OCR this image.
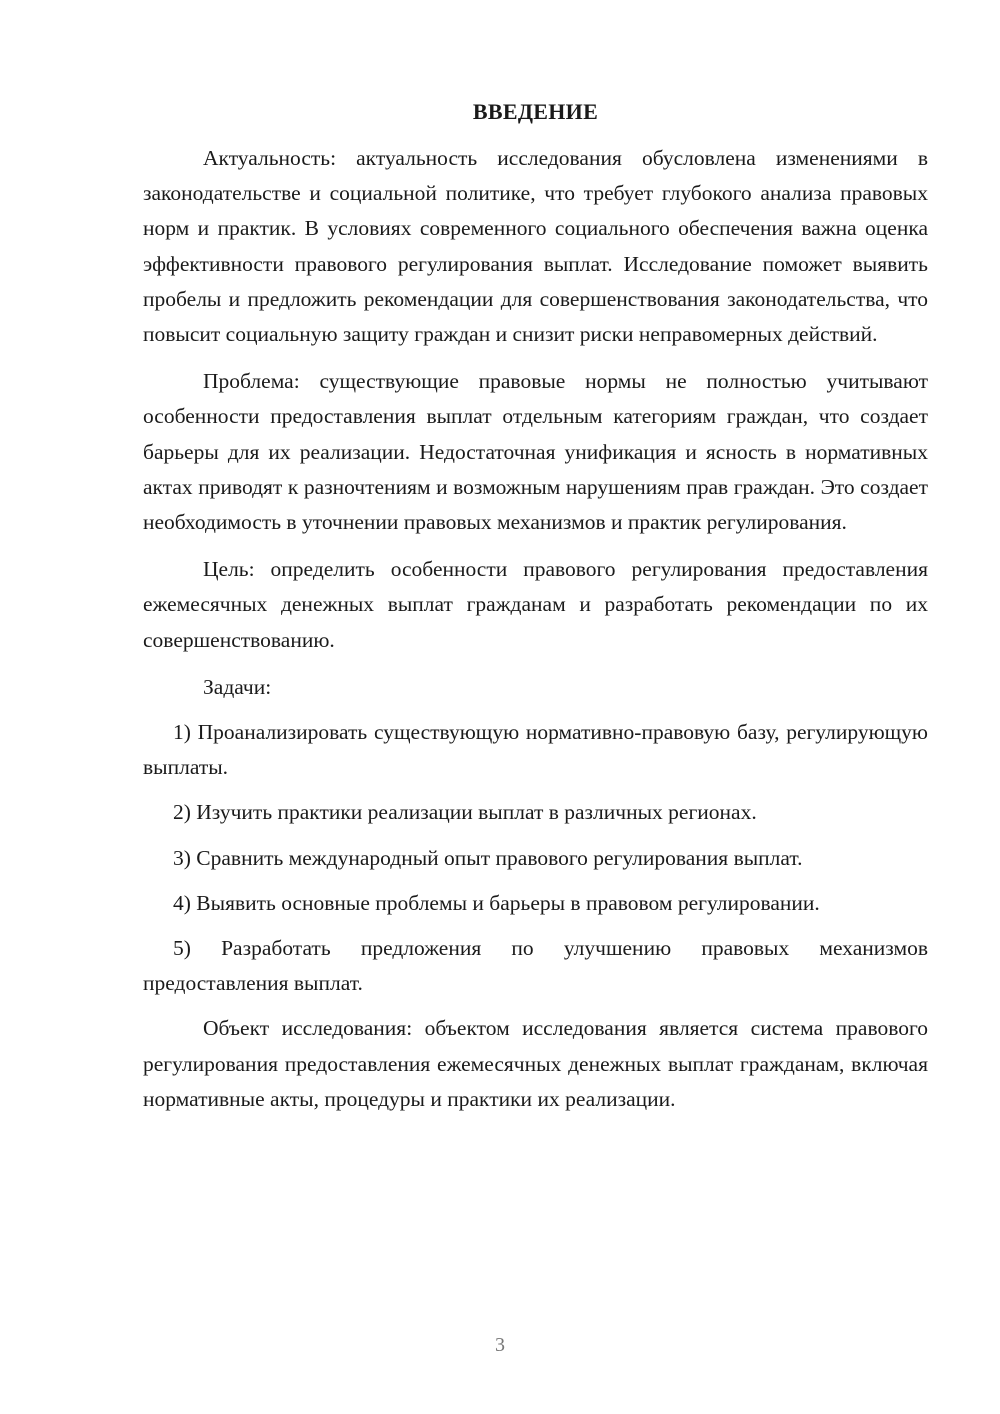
ВВЕДЕНИЕ

Актуальность: актуальность исследования обусловлена изменениями в законодательстве и социальной политике, что требует глубокого анализа правовых норм и практик. В условиях современного социального обеспечения важна оценка эффективности правового регулирования выплат. Исследование поможет выявить пробелы и предложить рекомендации для совершенствования законодательства, что повысит социальную защиту граждан и снизит риски неправомерных действий.

Проблема: существующие правовые нормы не полностью учитывают особенности предоставления выплат отдельным категориям граждан, что создает барьеры для их реализации. Недостаточная унификация и ясность в нормативных актах приводят к разночтениям и возможным нарушениям прав граждан. Это создает необходимость в уточнении правовых механизмов и практик регулирования.

Цель: определить особенности правового регулирования предоставления ежемесячных денежных выплат гражданам и разработать рекомендации по их совершенствованию.

Задачи:

1) Проанализировать существующую нормативно-правовую базу, регулирующую выплаты.

2) Изучить практики реализации выплат в различных регионах.

3) Сравнить международный опыт правового регулирования выплат.

4) Выявить основные проблемы и барьеры в правовом регулировании.

5) Разработать предложения по улучшению правовых механизмов предоставления выплат.

Объект исследования: объектом исследования является система правового регулирования предоставления ежемесячных денежных выплат гражданам, включая нормативные акты, процедуры и практики их реализации.

3
